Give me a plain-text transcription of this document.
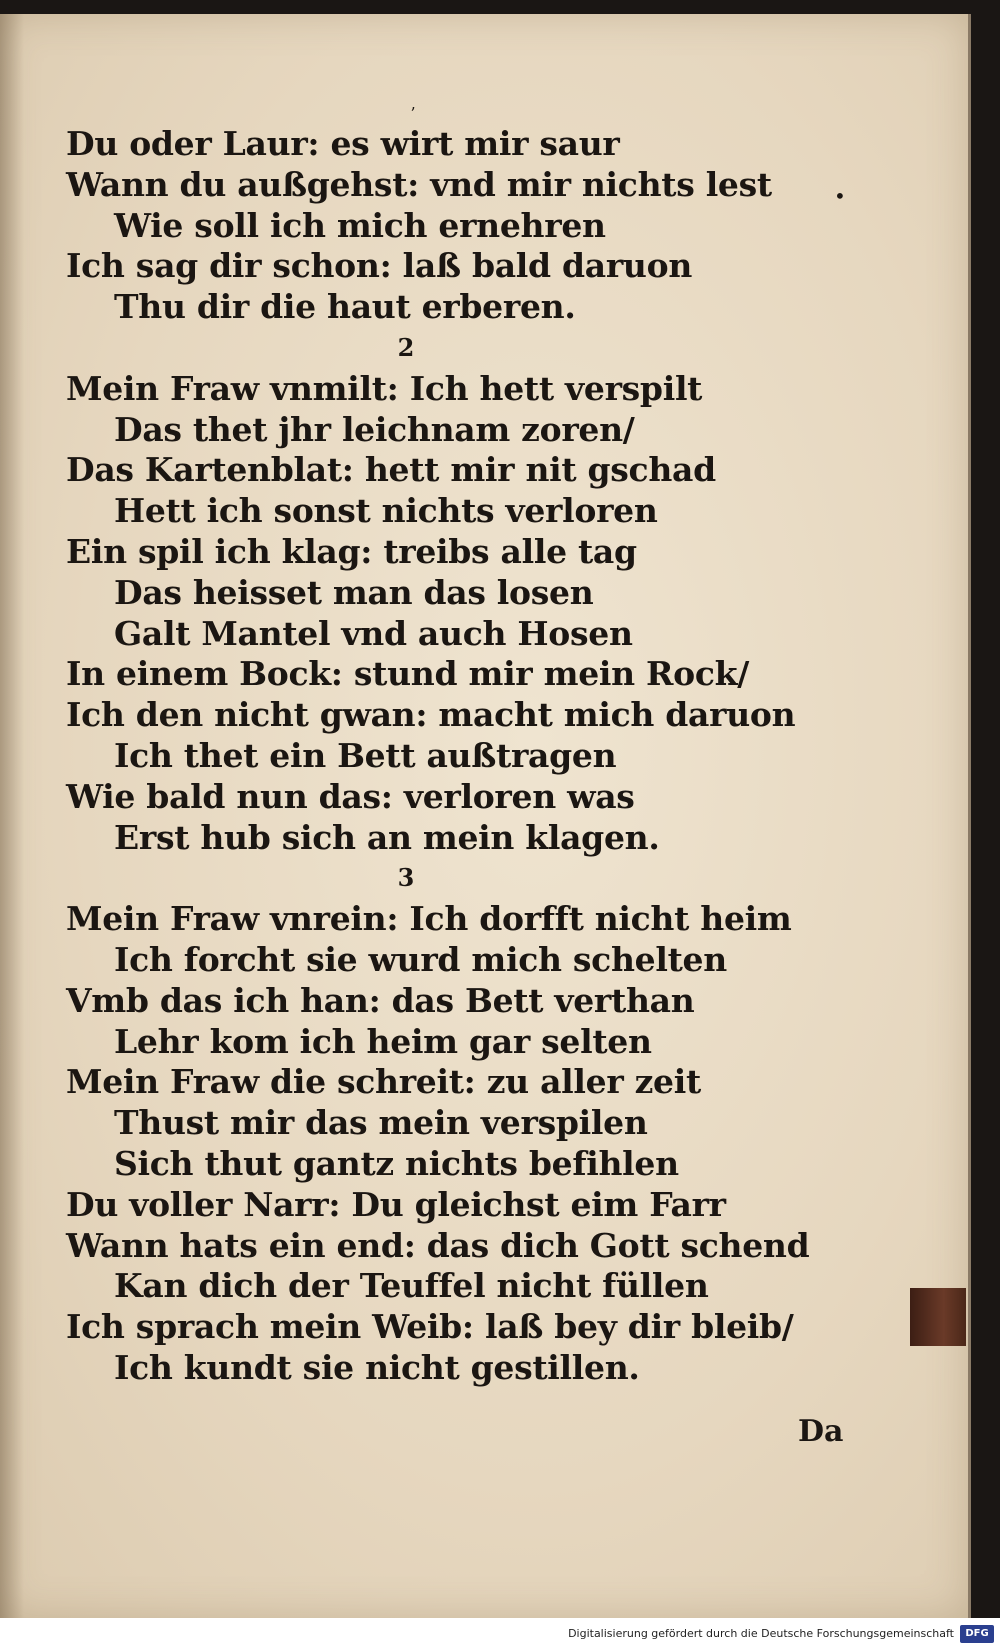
ʼ
•
Du oder Laur: es wirt mir saur
Wann du außgehst: vnd mir nichts lest
Wie soll ich mich ernehren
Ich sag dir schon: laß bald daruon
Thu dir die haut erberen.
2
Mein Fraw vnmilt: Ich hett verspilt
Das thet jhr leichnam zoren/
Das Kartenblat: hett mir nit gschad
Hett ich sonst nichts verloren
Ein spil ich klag: treibs alle tag
Das heisset man das losen
Galt Mantel vnd auch Hosen
In einem Bock: stund mir mein Rock/
Ich den nicht gwan: macht mich daruon
Ich thet ein Bett außtragen
Wie bald nun das: verloren was
Erst hub sich an mein klagen.
3
Mein Fraw vnrein: Ich dorfft nicht heim
Ich forcht sie wurd mich schelten
Vmb das ich han: das Bett verthan
Lehr kom ich heim gar selten
Mein Fraw die schreit: zu aller zeit
Thust mir das mein verspilen
Sich thut gantz nichts befihlen
Du voller Narr: Du gleichst eim Farr
Wann hats ein end: das dich Gott schend
Kan dich der Teuffel nicht füllen
Ich sprach mein Weib: laß bey dir bleib/
Ich kundt sie nicht gestillen.
Da
Digitalisierung gefördert durch die Deutsche Forschungsgemeinschaft	DFG
